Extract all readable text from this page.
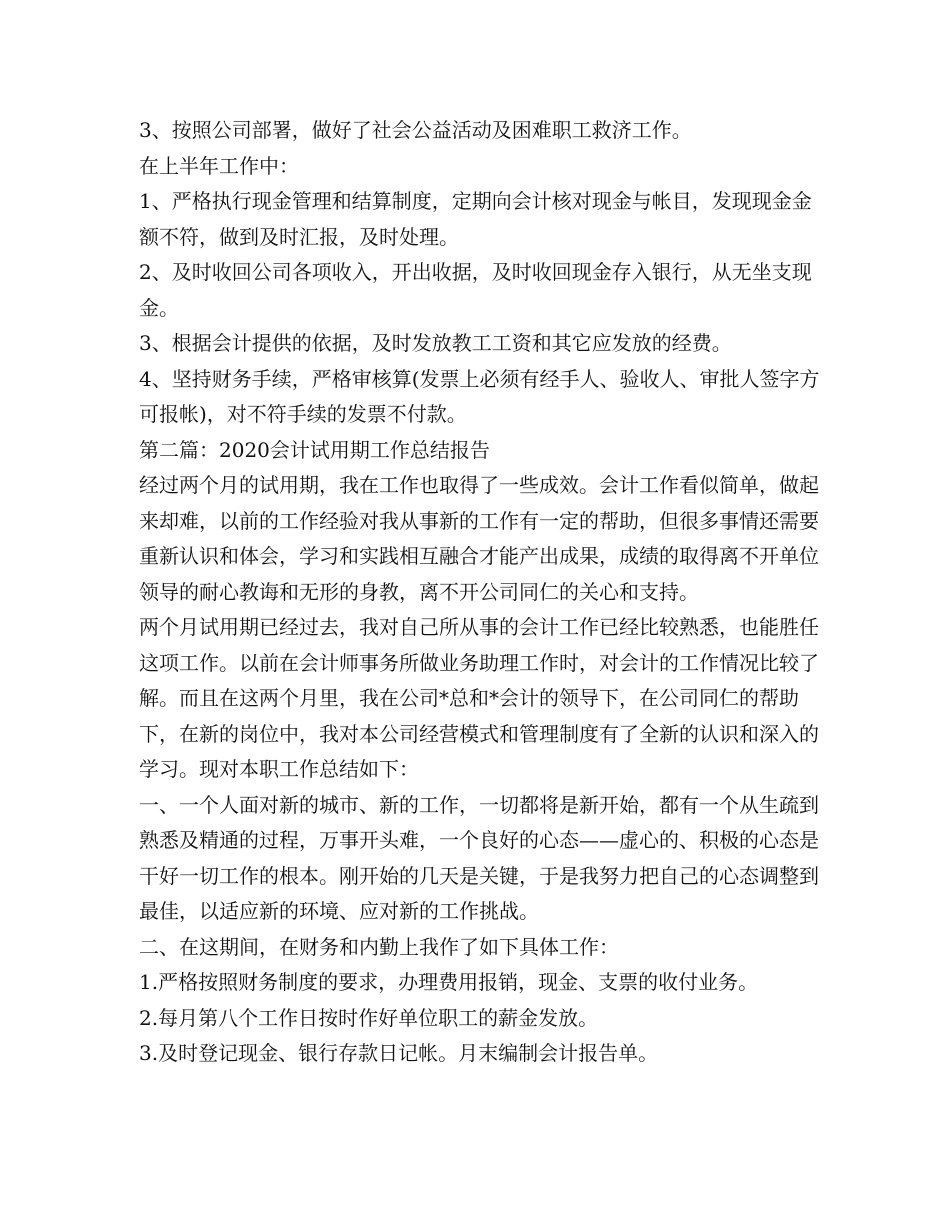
3、按照公司部署，做好了社会公益活动及困难职工救济工作。

在上半年工作中：

1、严格执行现金管理和结算制度，定期向会计核对现金与帐目，发现现金金额不符，做到及时汇报，及时处理。

2、及时收回公司各项收入，开出收据，及时收回现金存入银行，从无坐支现金。

3、根据会计提供的依据，及时发放教工工资和其它应发放的经费。

4、坚持财务手续，严格审核算(发票上必须有经手人、验收人、审批人签字方可报帐)，对不符手续的发票不付款。

第二篇：2020会计试用期工作总结报告

经过两个月的试用期，我在工作也取得了一些成效。会计工作看似简单，做起来却难，以前的工作经验对我从事新的工作有一定的帮助，但很多事情还需要重新认识和体会，学习和实践相互融合才能产出成果，成绩的取得离不开单位领导的耐心教诲和无形的身教，离不开公司同仁的关心和支持。

两个月试用期已经过去，我对自己所从事的会计工作已经比较熟悉，也能胜任这项工作。以前在会计师事务所做业务助理工作时，对会计的工作情况比较了解。而且在这两个月里，我在公司*总和*会计的领导下，在公司同仁的帮助下，在新的岗位中，我对本公司经营模式和管理制度有了全新的认识和深入的学习。现对本职工作总结如下：

一、一个人面对新的城市、新的工作，一切都将是新开始，都有一个从生疏到熟悉及精通的过程，万事开头难，一个良好的心态——虚心的、积极的心态是干好一切工作的根本。刚开始的几天是关键，于是我努力把自己的心态调整到最佳，以适应新的环境、应对新的工作挑战。

二、在这期间，在财务和内勤上我作了如下具体工作：

1.严格按照财务制度的要求，办理费用报销，现金、支票的收付业务。

2.每月第八个工作日按时作好单位职工的薪金发放。

3.及时登记现金、银行存款日记帐。月末编制会计报告单。
